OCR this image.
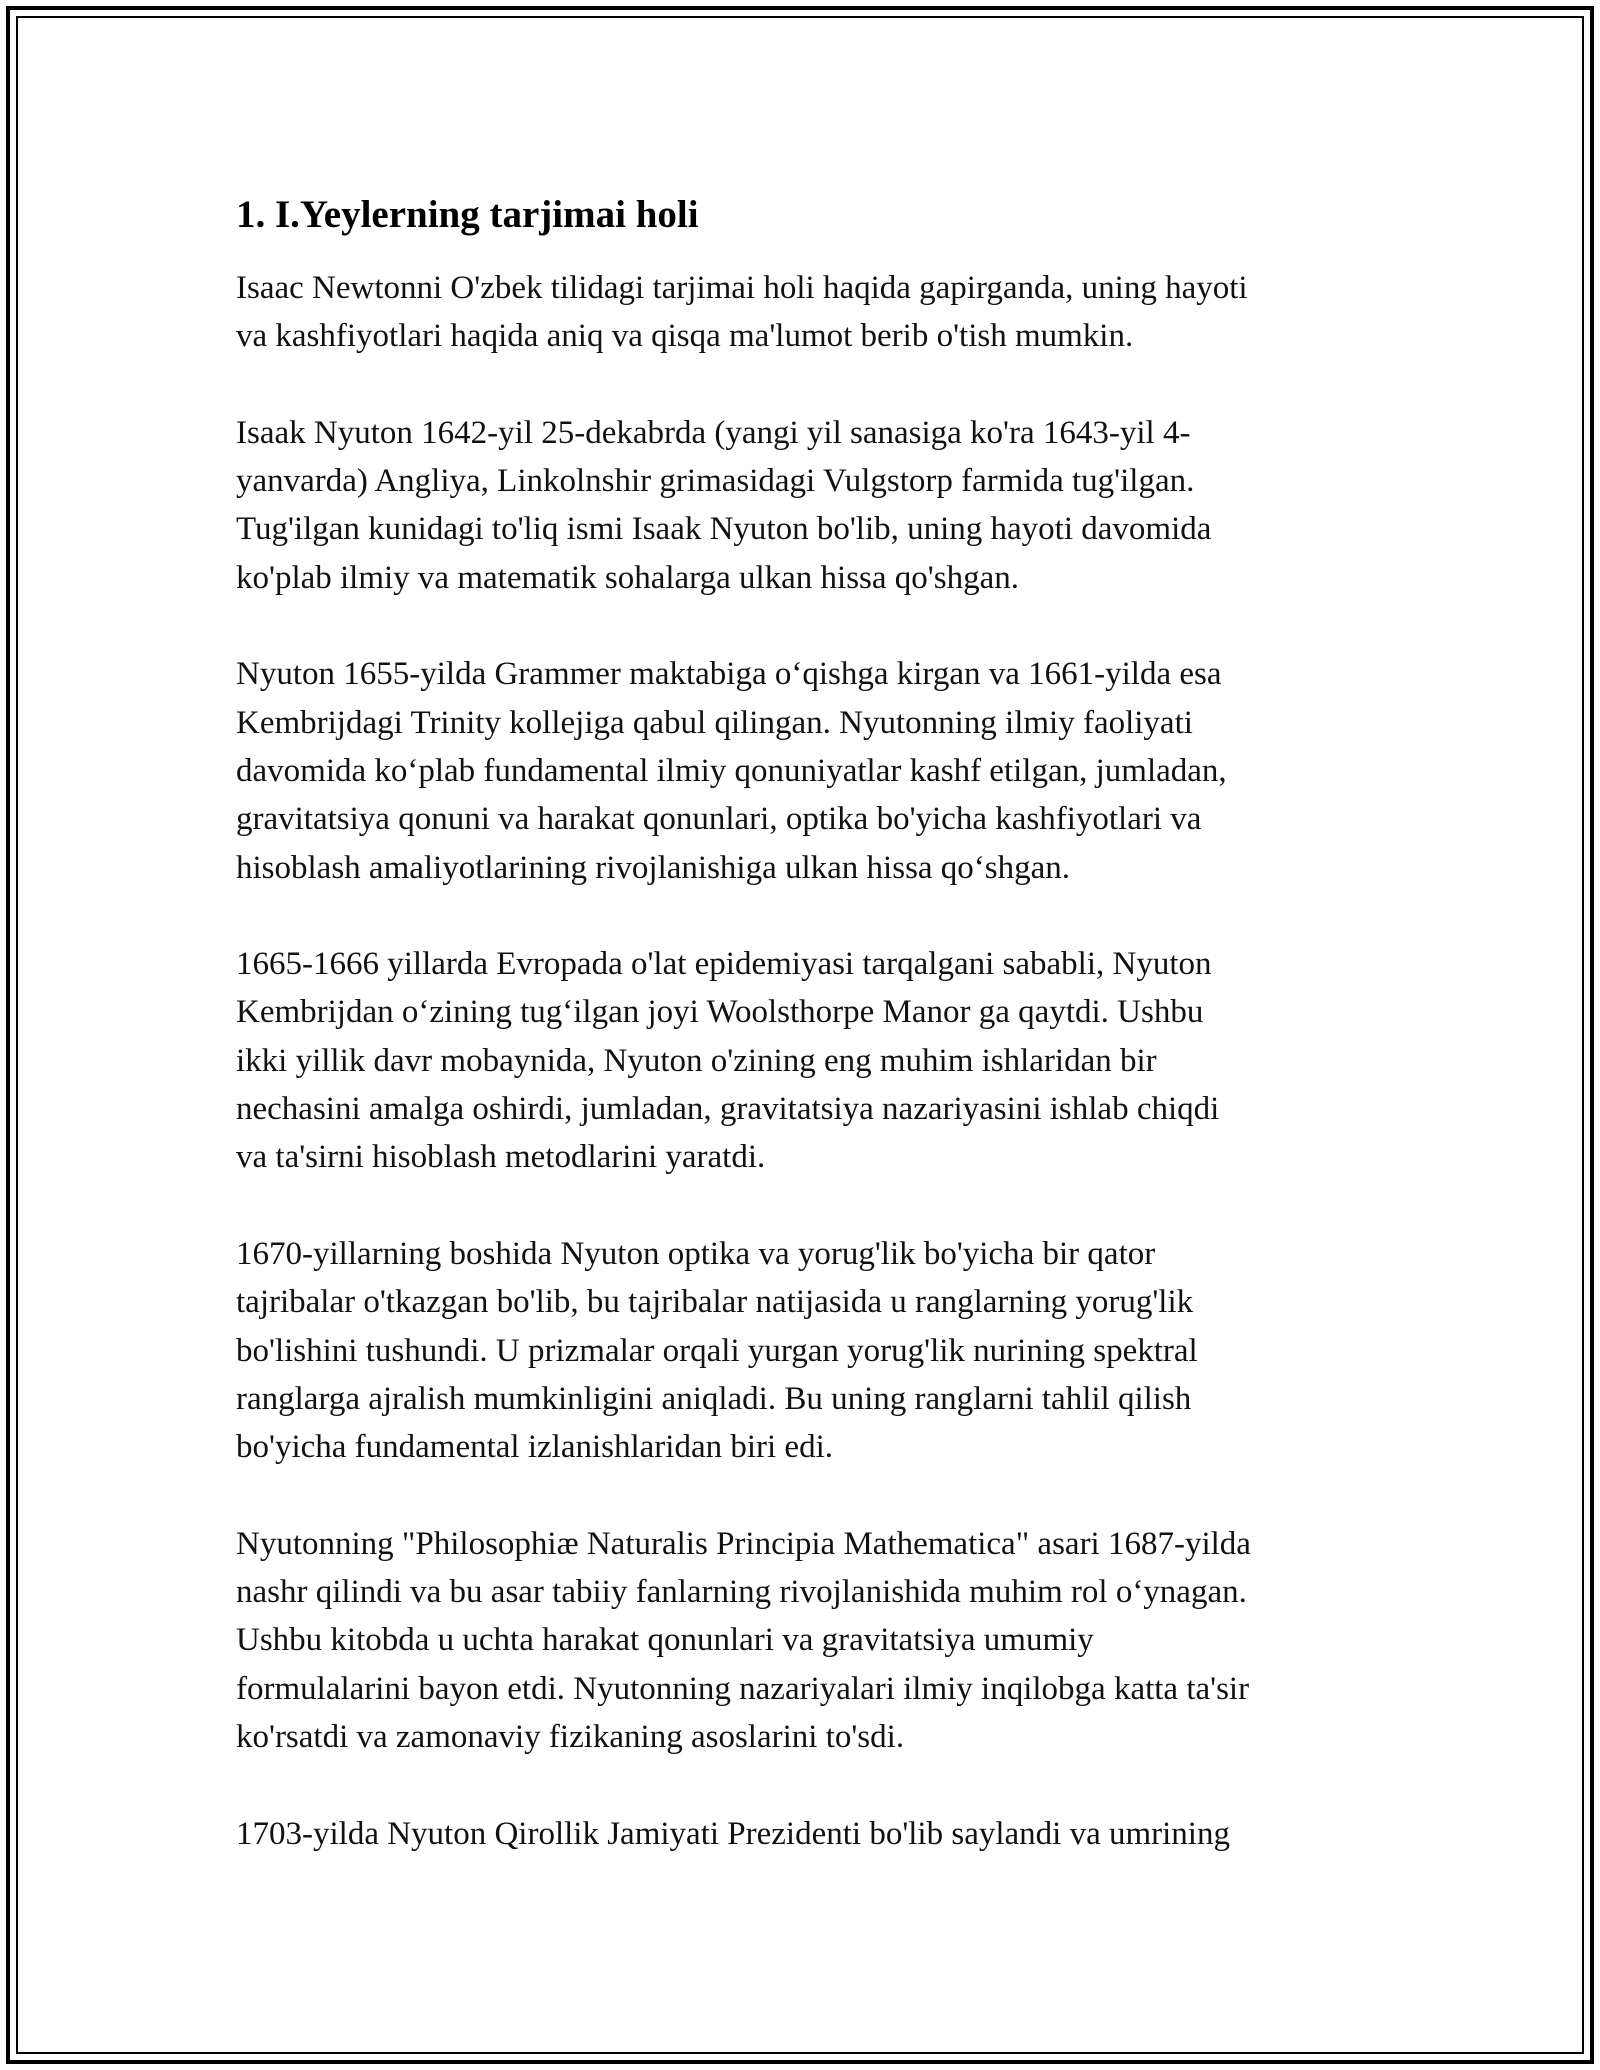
1. I.Yeylerning tarjimai holi
Isaac Newtonni O'zbek tilidagi tarjimai holi haqida gapirganda, uning hayoti
va kashfiyotlari haqida aniq va qisqa ma'lumot berib o'tish mumkin.
Isaak Nyuton 1642-yil 25-dekabrda (yangi yil sanasiga ko'ra 1643-yil 4-
yanvarda) Angliya, Linkolnshir grimasidagi Vulgstorp farmida tug'ilgan.
Tug'ilgan kunidagi to'liq ismi Isaak Nyuton bo'lib, uning hayoti davomida
ko'plab ilmiy va matematik sohalarga ulkan hissa qo'shgan.
Nyuton 1655-yilda Grammer maktabiga o‘qishga kirgan va 1661-yilda esa
Kembrijdagi Trinity kollejiga qabul qilingan. Nyutonning ilmiy faoliyati
davomida ko‘plab fundamental ilmiy qonuniyatlar kashf etilgan, jumladan,
gravitatsiya qonuni va harakat qonunlari, optika bo'yicha kashfiyotlari va
hisoblash amaliyotlarining rivojlanishiga ulkan hissa qo‘shgan.
1665-1666 yillarda Evropada o'lat epidemiyasi tarqalgani sababli, Nyuton
Kembrijdan o‘zining tug‘ilgan joyi Woolsthorpe Manor ga qaytdi. Ushbu
ikki yillik davr mobaynida, Nyuton o'zining eng muhim ishlaridan bir
nechasini amalga oshirdi, jumladan, gravitatsiya nazariyasini ishlab chiqdi
va ta'sirni hisoblash metodlarini yaratdi.
1670-yillarning boshida Nyuton optika va yorug'lik bo'yicha bir qator
tajribalar o'tkazgan bo'lib, bu tajribalar natijasida u ranglarning yorug'lik
bo'lishini tushundi. U prizmalar orqali yurgan yorug'lik nurining spektral
ranglarga ajralish mumkinligini aniqladi. Bu uning ranglarni tahlil qilish
bo'yicha fundamental izlanishlaridan biri edi.
Nyutonning "Philosophiæ Naturalis Principia Mathematica" asari 1687-yilda
nashr qilindi va bu asar tabiiy fanlarning rivojlanishida muhim rol o‘ynagan.
Ushbu kitobda u uchta harakat qonunlari va gravitatsiya umumiy
formulalarini bayon etdi. Nyutonning nazariyalari ilmiy inqilobga katta ta'sir
ko'rsatdi va zamonaviy fizikaning asoslarini to'sdi.
1703-yilda Nyuton Qirollik Jamiyati Prezidenti bo'lib saylandi va umrining
